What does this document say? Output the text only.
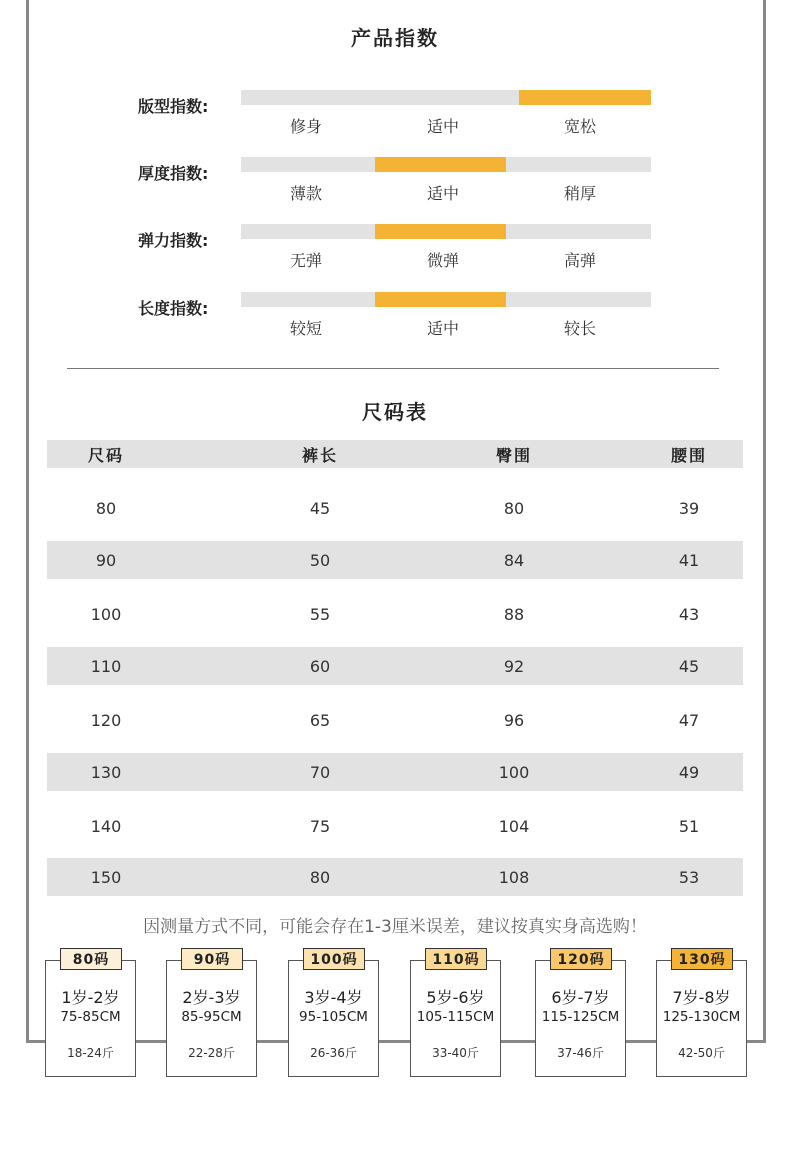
产品指数
版型指数:
修身	适中	宽松
厚度指数:
薄款	适中	稍厚
弹力指数:
无弹	微弹	高弹
长度指数:
较短	适中	较长
尺码表
尺码	裤长	臀围	腰围
80	45	80	39
90	50	84	41
100	55	88	43
110	60	92	45
120	65	96	47
130	70	100	49
140	75	104	51
150	80	108	53
因测量方式不同，可能会存在1-3厘米误差，建议按真实身高选购！
1岁-2岁
75-85CM
18-24斤
80码
2岁-3岁
85-95CM
22-28斤
90码
3岁-4岁
95-105CM
26-36斤
100码
5岁-6岁
105-115CM
33-40斤
110码
6岁-7岁
115-125CM
37-46斤
120码
7岁-8岁
125-130CM
42-50斤
130码
